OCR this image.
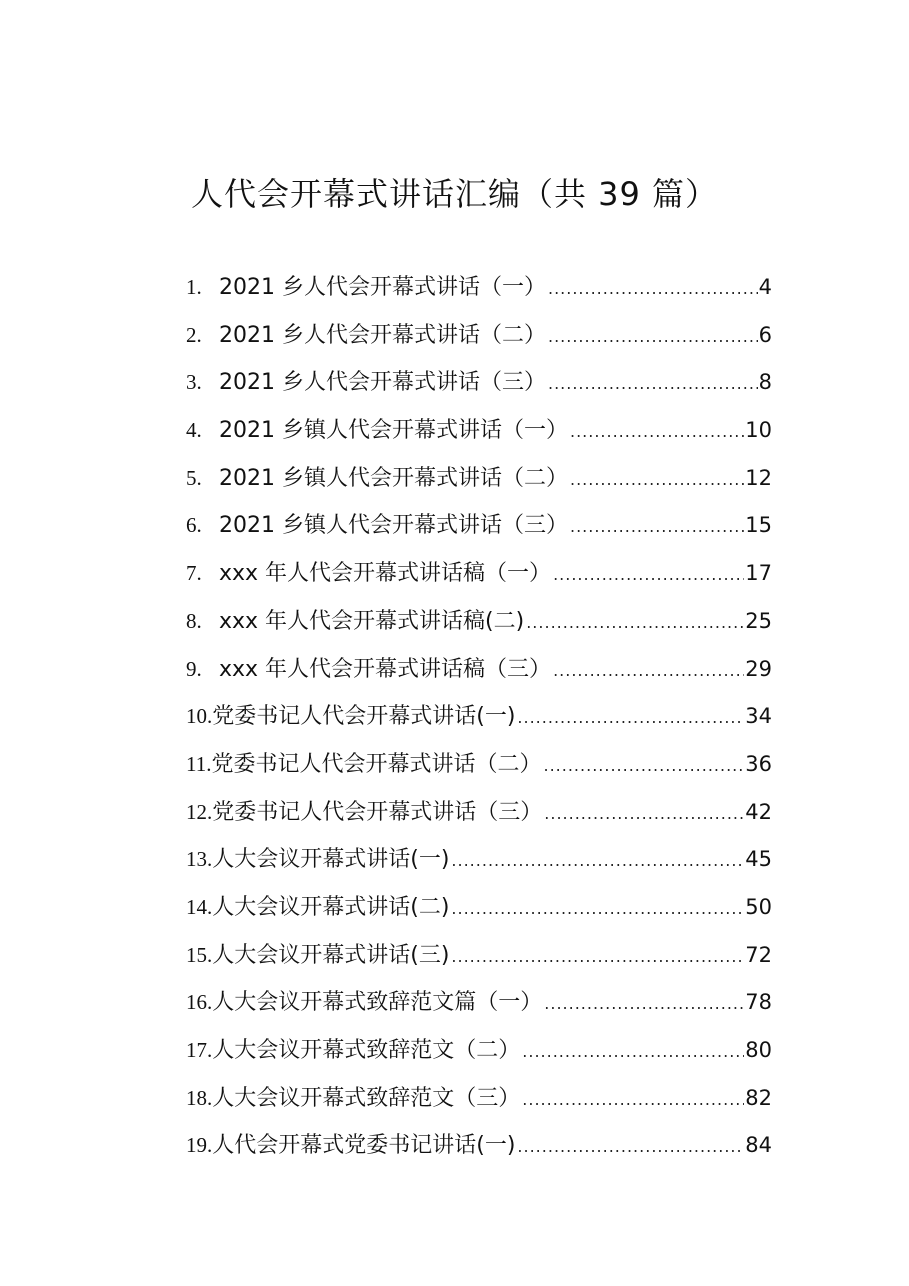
人代会开幕式讲话汇编（共 39 篇）
1. 2021 乡人代会开幕式讲话（一） .....	4
2. 2021 乡人代会开幕式讲话（二） .....	6
3. 2021 乡人代会开幕式讲话（三） .....	8
4. 2021 乡镇人代会开幕式讲话（一） .....	10
5. 2021 乡镇人代会开幕式讲话（二） .....	12
6. 2021 乡镇人代会开幕式讲话（三） .....	15
7. xxx 年人代会开幕式讲话稿（一） .....	17
8. xxx 年人代会开幕式讲话稿(二) .....	25
9. xxx 年人代会开幕式讲话稿（三） .....	29
10. 党委书记人代会开幕式讲话(一) .....	34
11. 党委书记人代会开幕式讲话（二） .....	36
12. 党委书记人代会开幕式讲话（三） .....	42
13. 人大会议开幕式讲话(一) .....	45
14. 人大会议开幕式讲话(二) .....	50
15. 人大会议开幕式讲话(三) .....	72
16. 人大会议开幕式致辞范文篇（一） .....	78
17. 人大会议开幕式致辞范文（二） .....	80
18. 人大会议开幕式致辞范文（三） .....	82
19. 人代会开幕式党委书记讲话(一) .....	84
